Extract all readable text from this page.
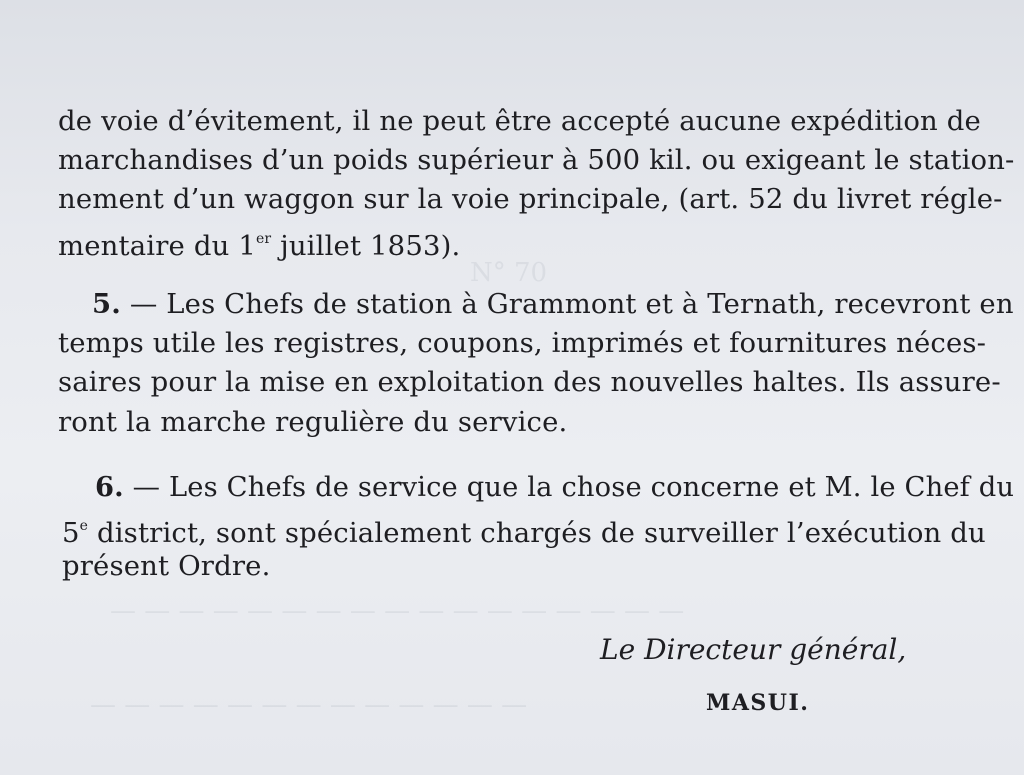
N° 70
— — — — — — — — — — — — — — — — —
— — — — — — — — — — — — —
de voie d’évitement, il ne peut être accepté aucune expédition de
marchandises d’un poids supérieur à 500 kil. ou exigeant le station-
nement d’un waggon sur la voie principale, (art. 52 du livret régle-
mentaire du 1er juillet 1853).
5. — Les Chefs de station à Grammont et à Ternath, recevront en
temps utile les registres, coupons, imprimés et fournitures néces-
saires pour la mise en exploitation des nouvelles haltes. Ils assure-
ront la marche regulière du service.
6. — Les Chefs de service que la chose concerne et M. le Chef du
5e district, sont spécialement chargés de surveiller l’exécution du
présent Ordre.
Le Directeur général,
MASUI.
